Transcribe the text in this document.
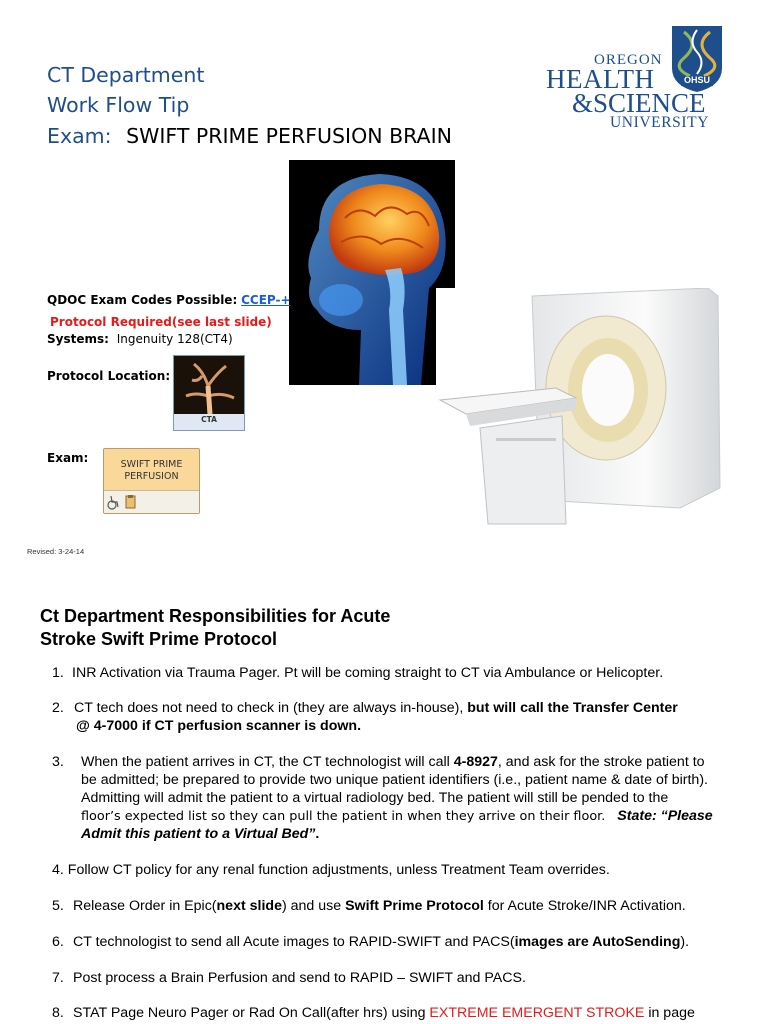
CT Department
Work Flow Tip
Exam: SWIFT PRIME PERFUSION BRAIN
OREGON
HEALTH
&SCIENCE
UNIVERSITY
OHSU
QDOC Exam Codes Possible: CCEP-+
Protocol Required(see last slide)
Systems: Ingenuity 128(CT4)
Protocol Location:
CTA
Exam:	SWIFT PRIME
PERFUSION
Revised: 3-24-14
Ct Department Responsibilities for Acute
Stroke Swift Prime Protocol
1. INR Activation via Trauma Pager. Pt will be coming straight to CT via Ambulance or Helicopter.
2. CT tech does not need to check in (they are always in-house), but will call the Transfer Center
@ 4-7000 if CT perfusion scanner is down.
3. When the patient arrives in CT, the CT technologist will call 4-8927, and ask for the stroke patient to
be admitted; be prepared to provide two unique patient identifiers (i.e., patient name & date of birth).
Admitting will admit the patient to a virtual radiology bed. The patient will still be pended to the
floor’s expected list so they can pull the patient in when they arrive on their floor. State: “Please
Admit this patient to a Virtual Bed”.
4. Follow CT policy for any renal function adjustments, unless Treatment Team overrides.
5. Release Order in Epic(next slide) and use Swift Prime Protocol for Acute Stroke/INR Activation.
6. CT technologist to send all Acute images to RAPID-SWIFT and PACS(images are AutoSending).
7. Post process a Brain Perfusion and send to RAPID – SWIFT and PACS.
8. STAT Page Neuro Pager or Rad On Call(after hrs) using EXTREME EMERGENT STROKE in page
